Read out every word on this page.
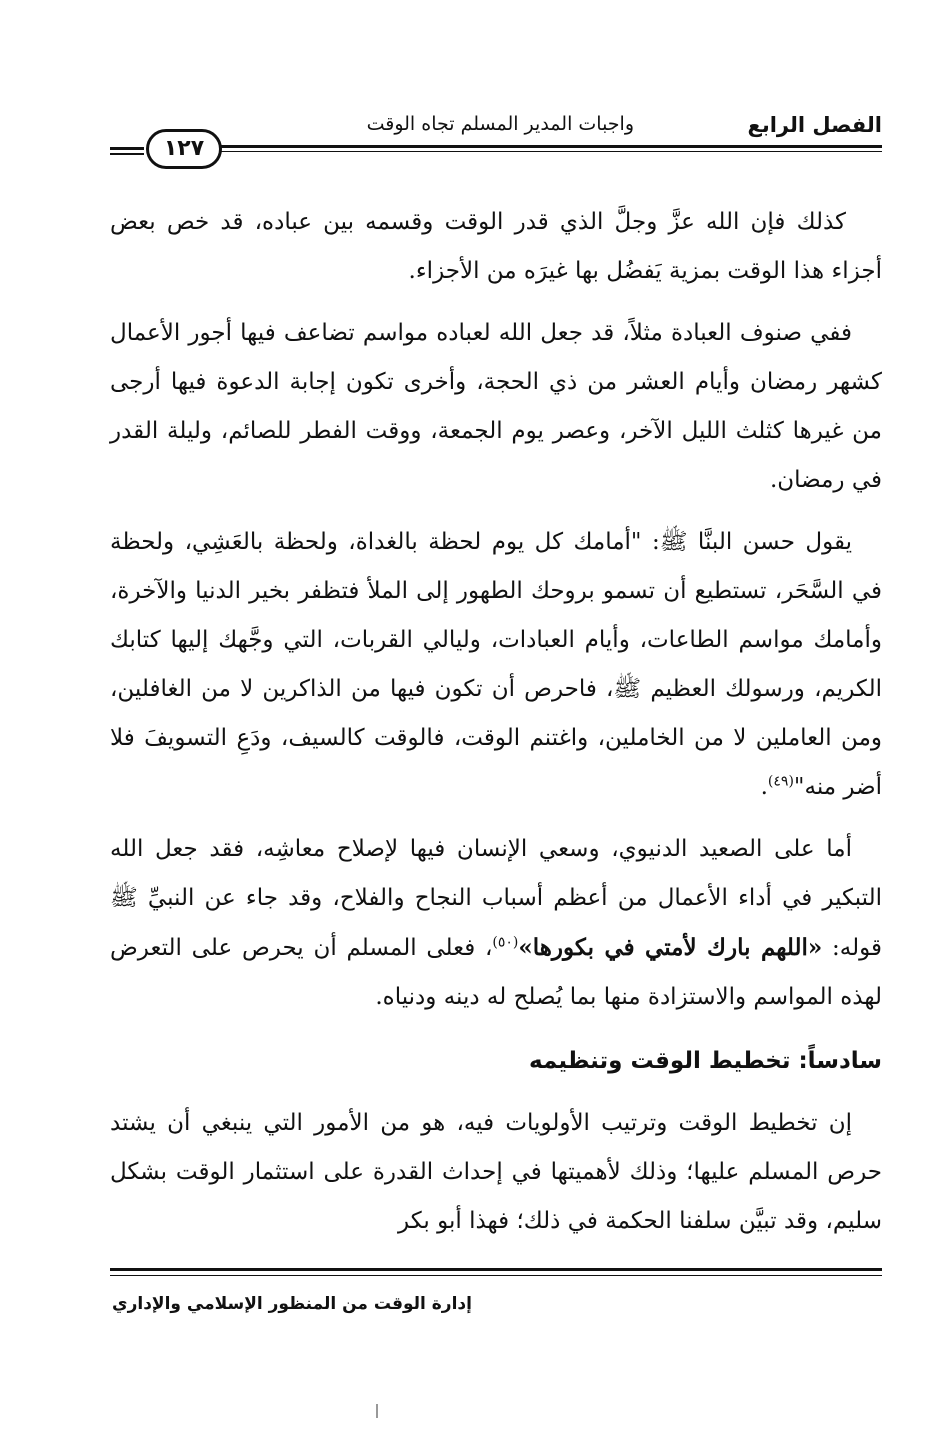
الفصل الرابع
واجبات المدير المسلم تجاه الوقت
١٢٧

كذلك فإن الله عزَّ وجلَّ الذي قدر الوقت وقسمه بين عباده، قد خص بعض أجزاء هذا الوقت بمزية يَفضُل بها غيرَه من الأجزاء.

ففي صنوف العبادة مثلاً، قد جعل الله لعباده مواسم تضاعف فيها أجور الأعمال كشهر رمضان وأيام العشر من ذي الحجة، وأخرى تكون إجابة الدعوة فيها أرجى من غيرها كثلث الليل الآخر، وعصر يوم الجمعة، ووقت الفطر للصائم، وليلة القدر في رمضان.

يقول حسن البنَّا ﷺ: "أمامك كل يوم لحظة بالغداة، ولحظة بالعَشِي، ولحظة في السَّحَر، تستطيع أن تسمو بروحك الطهور إلى الملأ فتظفر بخير الدنيا والآخرة، وأمامك مواسم الطاعات، وأيام العبادات، وليالي القربات، التي وجَّهك إليها كتابك الكريم، ورسولك العظيم ﷺ، فاحرص أن تكون فيها من الذاكرين لا من الغافلين، ومن العاملين لا من الخاملين، واغتنم الوقت، فالوقت كالسيف، ودَعِ التسويفَ فلا أضر منه"$^{(٤٩)}$.

أما على الصعيد الدنيوي، وسعي الإنسان فيها لإصلاح معاشِه، فقد جعل الله التبكير في أداء الأعمال من أعظم أسباب النجاح والفلاح، وقد جاء عن النبيِّ ﷺ قوله: «اللهم بارك لأمتي في بكورها»$^{(٥٠)}$، فعلى المسلم أن يحرص على التعرض لهذه المواسم والاستزادة منها بما يُصلح له دينه ودنياه.

سادساً: تخطيط الوقت وتنظيمه

إن تخطيط الوقت وترتيب الأولويات فيه، هو من الأمور التي ينبغي أن يشتد حرص المسلم عليها؛ وذلك لأهميتها في إحداث القدرة على استثمار الوقت بشكل سليم، وقد تبيَّن سلفنا الحكمة في ذلك؛ فهذا أبو بكر

إدارة الوقت من المنظور الإسلامي والإداري
